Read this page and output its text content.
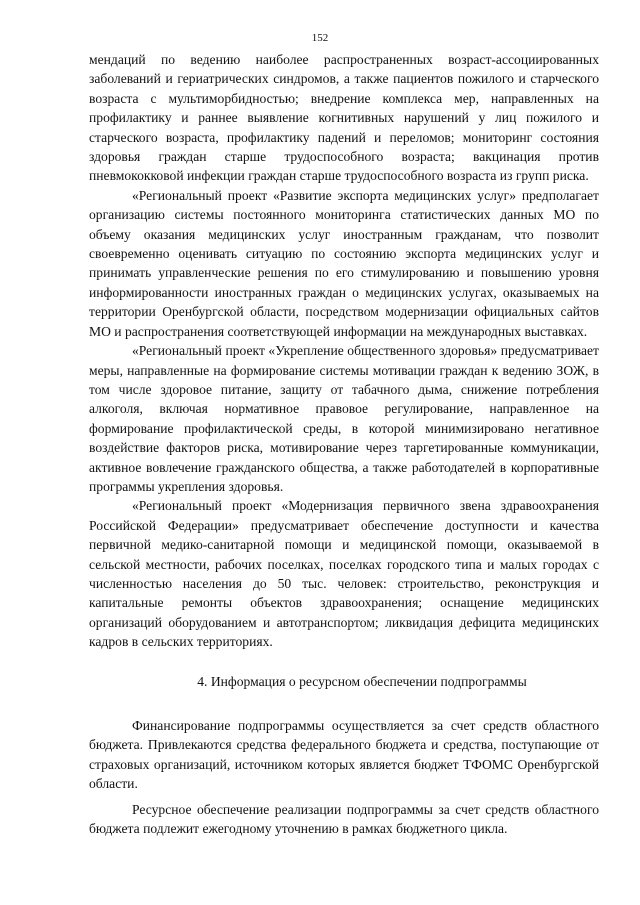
152

мендаций по ведению наиболее распространенных возраст-ассоциированных заболеваний и гериатрических синдромов, а также пациентов пожилого и старческого возраста с мультиморбидностью; внедрение комплекса мер, направленных на профилактику и раннее выявление когнитивных нарушений у лиц пожилого и старческого возраста, профилактику падений и переломов; мониторинг состояния здоровья граждан старше трудоспособного возраста; вакцинация против пневмококковой инфекции граждан старше трудоспособного возраста из групп риска.

«Региональный проект «Развитие экспорта медицинских услуг» предполагает организацию системы постоянного мониторинга статистических данных МО по объему оказания медицинских услуг иностранным гражданам, что позволит своевременно оценивать ситуацию по состоянию экспорта медицинских услуг и принимать управленческие решения по его стимулированию и повышению уровня информированности иностранных граждан о медицинских услугах, оказываемых на территории Оренбургской области, посредством модернизации официальных сайтов МО и распространения соответствующей информации на международных выставках.

«Региональный проект «Укрепление общественного здоровья» предусматривает меры, направленные на формирование системы мотивации граждан к ведению ЗОЖ, в том числе здоровое питание, защиту от табачного дыма, снижение потребления алкоголя, включая нормативное правовое регулирование, направленное на формирование профилактической среды, в которой минимизировано негативное воздействие факторов риска, мотивирование через таргетированные коммуникации, активное вовлечение гражданского общества, а также работодателей в корпоративные программы укрепления здоровья.

«Региональный проект «Модернизация первичного звена здравоохранения Российской Федерации» предусматривает обеспечение доступности и качества первичной медико-санитарной помощи и медицинской помощи, оказываемой в сельской местности, рабочих поселках, поселках городского типа и малых городах с численностью населения до 50 тыс. человек: строительство, реконструкция и капитальные ремонты объектов здравоохранения; оснащение медицинских организаций оборудованием и автотранспортом; ликвидация дефицита медицинских кадров в сельских территориях.

4. Информация о ресурсном обеспечении подпрограммы

Финансирование подпрограммы осуществляется за счет средств областного бюджета. Привлекаются средства федерального бюджета и средства, поступающие от страховых организаций, источником которых является бюджет ТФОМС Оренбургской области.

Ресурсное обеспечение реализации подпрограммы за счет средств областного бюджета подлежит ежегодному уточнению в рамках бюджетного цикла.
